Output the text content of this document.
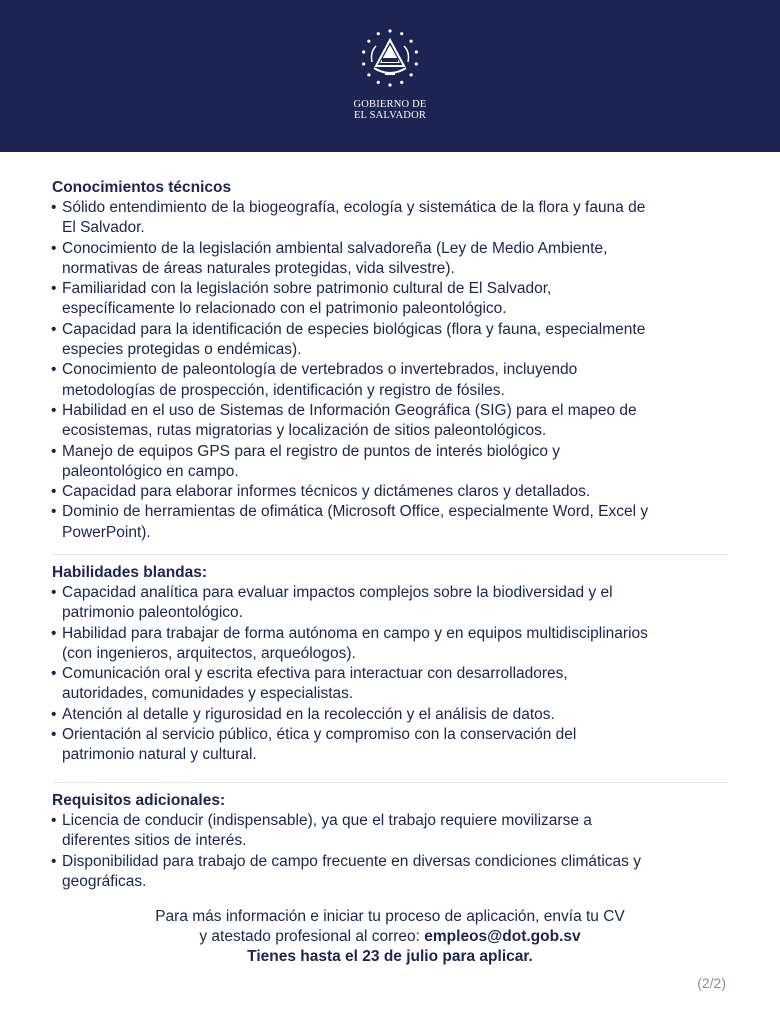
GOBIERNO DE
EL SALVADOR
Conocimientos técnicos
• Sólido entendimiento de la biogeografía, ecología y sistemática de la flora y fauna de
El Salvador.
• Conocimiento de la legislación ambiental salvadoreña (Ley de Medio Ambiente,
normativas de áreas naturales protegidas, vida silvestre).
• Familiaridad con la legislación sobre patrimonio cultural de El Salvador,
específicamente lo relacionado con el patrimonio paleontológico.
• Capacidad para la identificación de especies biológicas (flora y fauna, especialmente
especies protegidas o endémicas).
• Conocimiento de paleontología de vertebrados o invertebrados, incluyendo
metodologías de prospección, identificación y registro de fósiles.
• Habilidad en el uso de Sistemas de Información Geográfica (SIG) para el mapeo de
ecosistemas, rutas migratorias y localización de sitios paleontológicos.
• Manejo de equipos GPS para el registro de puntos de interés biológico y
paleontológico en campo.
• Capacidad para elaborar informes técnicos y dictámenes claros y detallados.
• Dominio de herramientas de ofimática (Microsoft Office, especialmente Word, Excel y
PowerPoint).
Habilidades blandas:
• Capacidad analítica para evaluar impactos complejos sobre la biodiversidad y el
patrimonio paleontológico.
• Habilidad para trabajar de forma autónoma en campo y en equipos multidisciplinarios
(con ingenieros, arquitectos, arqueólogos).
• Comunicación oral y escrita efectiva para interactuar con desarrolladores,
autoridades, comunidades y especialistas.
• Atención al detalle y rigurosidad en la recolección y el análisis de datos.
• Orientación al servicio público, ética y compromiso con la conservación del
patrimonio natural y cultural.
Requisitos adicionales:
• Licencia de conducir (indispensable), ya que el trabajo requiere movilizarse a
diferentes sitios de interés.
• Disponibilidad para trabajo de campo frecuente en diversas condiciones climáticas y
geográficas.
Para más información e iniciar tu proceso de aplicación, envía tu CV
y atestado profesional al correo: empleos@dot.gob.sv
Tienes hasta el 23 de julio para aplicar.
(2/2)
